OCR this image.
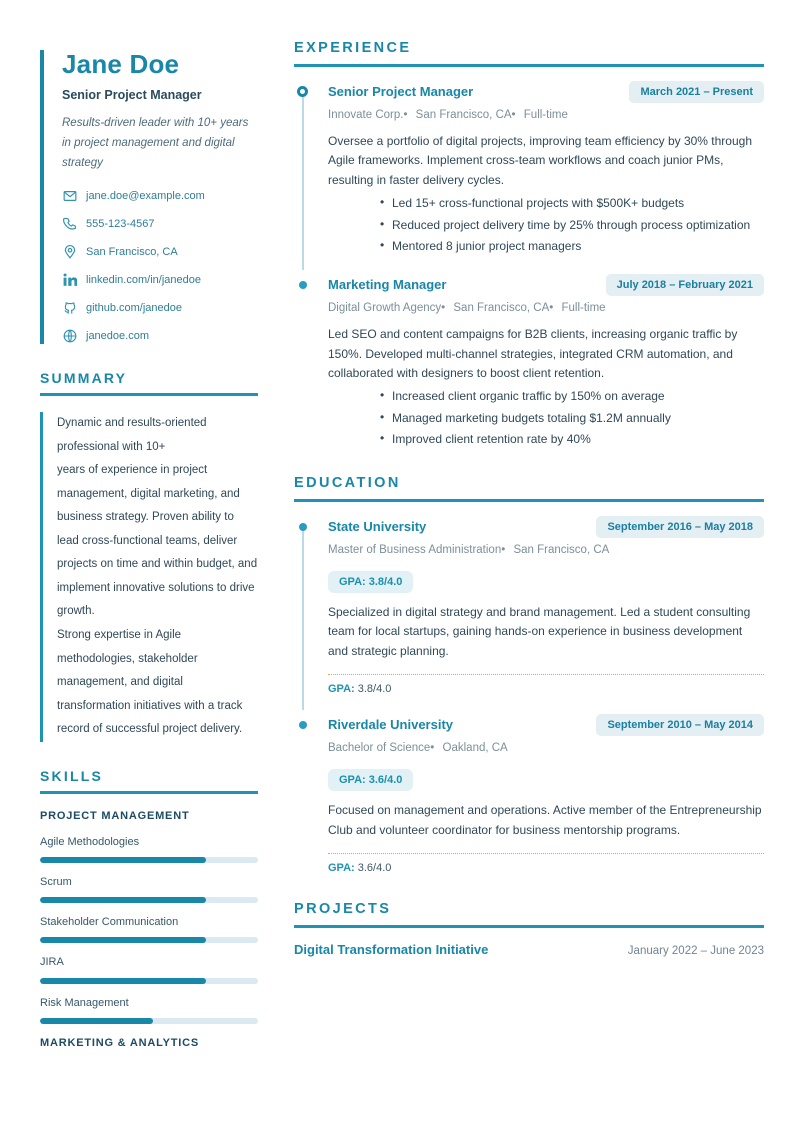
Jane Doe
Senior Project Manager
Results-driven leader with 10+ years in project management and digital strategy
jane.doe@example.com
555-123-4567
San Francisco, CA
linkedin.com/in/janedoe
github.com/janedoe
janedoe.com
SUMMARY

Dynamic and results-oriented professional with 10+

years of experience in project management, digital marketing, and business strategy. Proven ability to lead cross-functional teams, deliver projects on time and within budget, and implement innovative solutions to drive growth.

Strong expertise in Agile methodologies, stakeholder management, and digital transformation initiatives with a track record of successful project delivery.

SKILLS
PROJECT MANAGEMENT
Agile Methodologies
Scrum
Stakeholder Communication
JIRA
Risk Management
MARKETING & ANALYTICS
EXPERIENCE
Senior Project Manager	March 2021 – Present
Innovate Corp.• San Francisco, CA• Full-time

Oversee a portfolio of digital projects, improving team efficiency by 30% through Agile frameworks. Implement cross-team workflows and coach junior PMs, resulting in faster delivery cycles.

• Led 15+ cross-functional projects with $500K+ budgets
• Reduced project delivery time by 25% through process optimization
• Mentored 8 junior project managers
Marketing Manager	July 2018 – February 2021
Digital Growth Agency• San Francisco, CA• Full-time

Led SEO and content campaigns for B2B clients, increasing organic traffic by 150%. Developed multi-channel strategies, integrated CRM automation, and collaborated with designers to boost client retention.

• Increased client organic traffic by 150% on average
• Managed marketing budgets totaling $1.2M annually
• Improved client retention rate by 40%
EDUCATION
State University	September 2016 – May 2018
Master of Business Administration• San Francisco, CA
GPA: 3.8/4.0

Specialized in digital strategy and brand management. Led a student consulting team for local startups, gaining hands-on experience in business development and strategic planning.

GPA: 3.8/4.0
Riverdale University	September 2010 – May 2014
Bachelor of Science• Oakland, CA
GPA: 3.6/4.0

Focused on management and operations. Active member of the Entrepreneurship Club and volunteer coordinator for business mentorship programs.

GPA: 3.6/4.0
PROJECTS
Digital Transformation Initiative	January 2022 – June 2023
